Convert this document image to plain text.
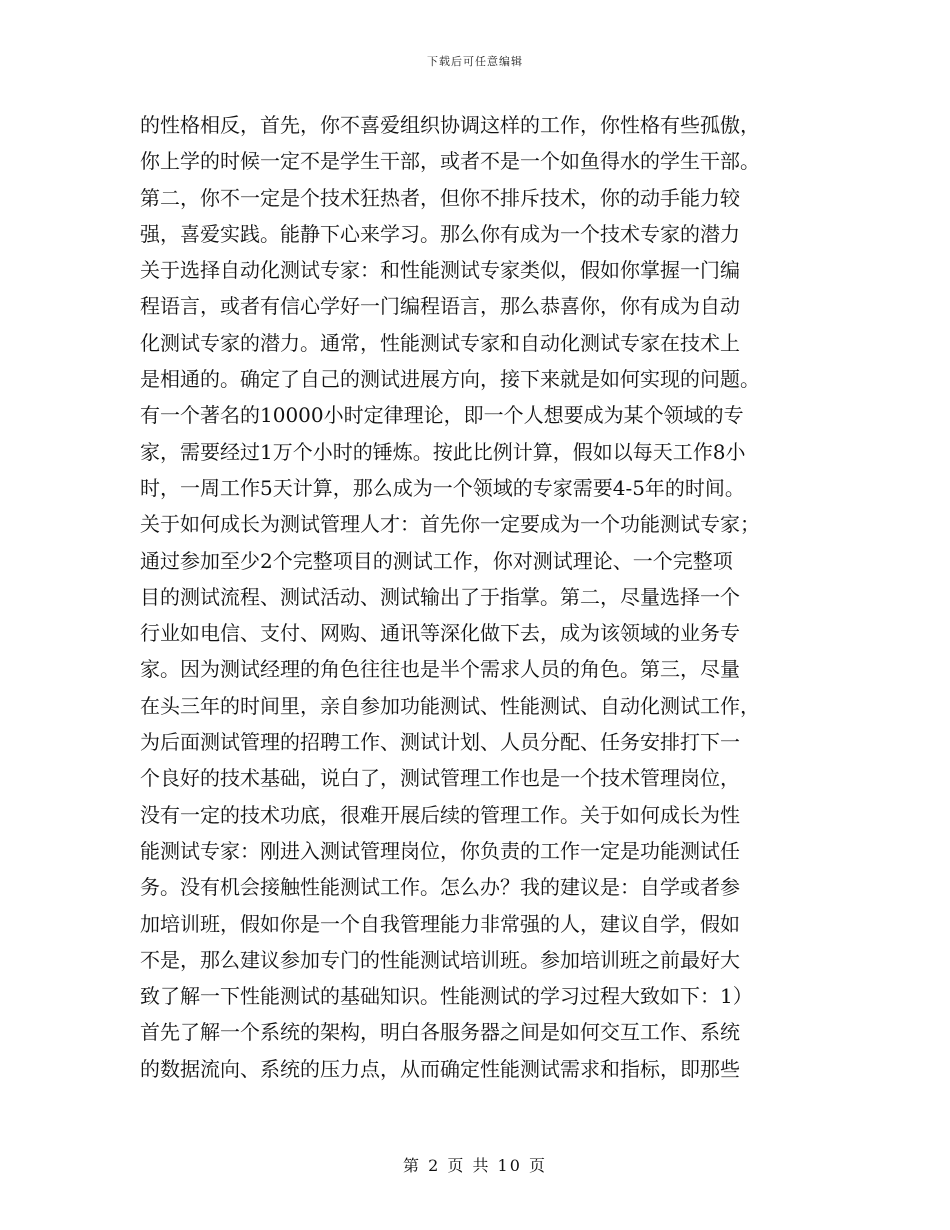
下载后可任意编辑
的性格相反，首先，你不喜爱组织协调这样的工作，你性格有些孤傲，
你上学的时候一定不是学生干部，或者不是一个如鱼得水的学生干部。
第二，你不一定是个技术狂热者，但你不排斥技术，你的动手能力较
强，喜爱实践。能静下心来学习。那么你有成为一个技术专家的潜力
关于选择自动化测试专家：和性能测试专家类似，假如你掌握一门编
程语言，或者有信心学好一门编程语言，那么恭喜你，你有成为自动
化测试专家的潜力。通常，性能测试专家和自动化测试专家在技术上
是相通的。确定了自己的测试进展方向，接下来就是如何实现的问题。
有一个著名的10000小时定律理论，即一个人想要成为某个领域的专
家，需要经过1万个小时的锤炼。按此比例计算，假如以每天工作8小
时，一周工作5天计算，那么成为一个领域的专家需要4-5年的时间。
关于如何成长为测试管理人才：首先你一定要成为一个功能测试专家；
通过参加至少2个完整项目的测试工作，你对测试理论、一个完整项
目的测试流程、测试活动、测试输出了于指掌。第二，尽量选择一个
行业如电信、支付、网购、通讯等深化做下去，成为该领域的业务专
家。因为测试经理的角色往往也是半个需求人员的角色。第三，尽量
在头三年的时间里，亲自参加功能测试、性能测试、自动化测试工作，
为后面测试管理的招聘工作、测试计划、人员分配、任务安排打下一
个良好的技术基础，说白了，测试管理工作也是一个技术管理岗位，
没有一定的技术功底，很难开展后续的管理工作。关于如何成长为性
能测试专家：刚进入测试管理岗位，你负责的工作一定是功能测试任
务。没有机会接触性能测试工作。怎么办？我的建议是：自学或者参
加培训班，假如你是一个自我管理能力非常强的人，建议自学，假如
不是，那么建议参加专门的性能测试培训班。参加培训班之前最好大
致了解一下性能测试的基础知识。性能测试的学习过程大致如下：1）
首先了解一个系统的架构，明白各服务器之间是如何交互工作、系统
的数据流向、系统的压力点，从而确定性能测试需求和指标，即那些
第 2 页 共 10 页
